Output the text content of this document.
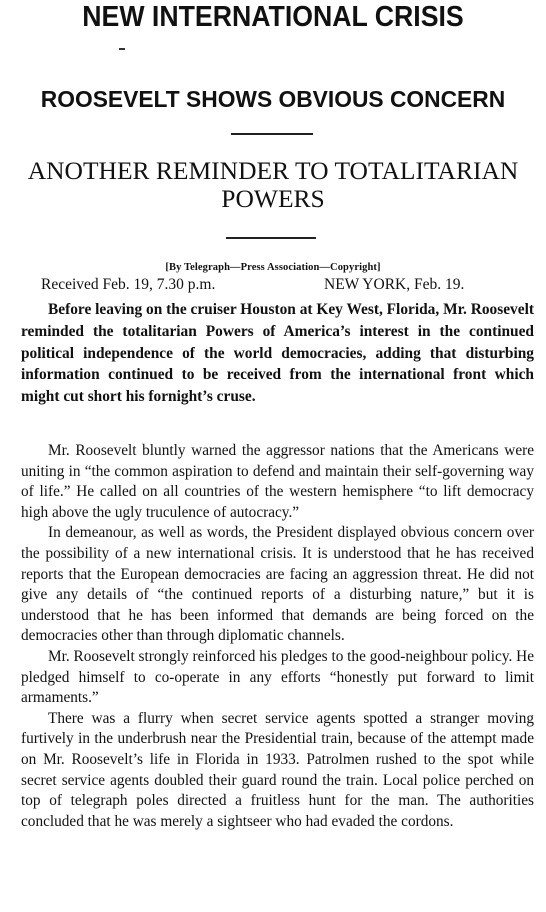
NEW INTERNATIONAL CRISIS
ROOSEVELT SHOWS OBVIOUS CONCERN
ANOTHER REMINDER TO TOTALITARIAN POWERS
[By Telegraph—Press Association—Copyright]
Received Feb. 19, 7.30 p.m.	NEW YORK, Feb. 19.

Before leaving on the cruiser Houston at Key West, Florida, Mr. Roosevelt reminded the totalitarian Powers of America’s interest in the continued political independence of the world democracies, adding that disturbing information continued to be received from the international front which might cut short his fornight’s cruse.

Mr. Roosevelt bluntly warned the aggressor nations that the Americans were uniting in “the common aspiration to defend and maintain their self-governing way of life.” He called on all countries of the western hemisphere “to lift democracy high above the ugly truculence of autocracy.”

In demeanour, as well as words, the President displayed obvious concern over the possibility of a new international crisis. It is understood that he has received reports that the European democracies are facing an aggression threat. He did not give any details of “the continued reports of a disturbing nature,” but it is understood that he has been informed that demands are being forced on the democracies other than through diplomatic channels.

Mr. Roosevelt strongly reinforced his pledges to the good-neighbour policy. He pledged himself to co-operate in any efforts “honestly put forward to limit armaments.”

There was a flurry when secret service agents spotted a stranger moving furtively in the underbrush near the Presidential train, because of the attempt made on Mr. Roosevelt’s life in Florida in 1933. Patrolmen rushed to the spot while secret service agents doubled their guard round the train. Local police perched on top of telegraph poles directed a fruitless hunt for the man. The authorities concluded that he was merely a sightseer who had evaded the cordons.
